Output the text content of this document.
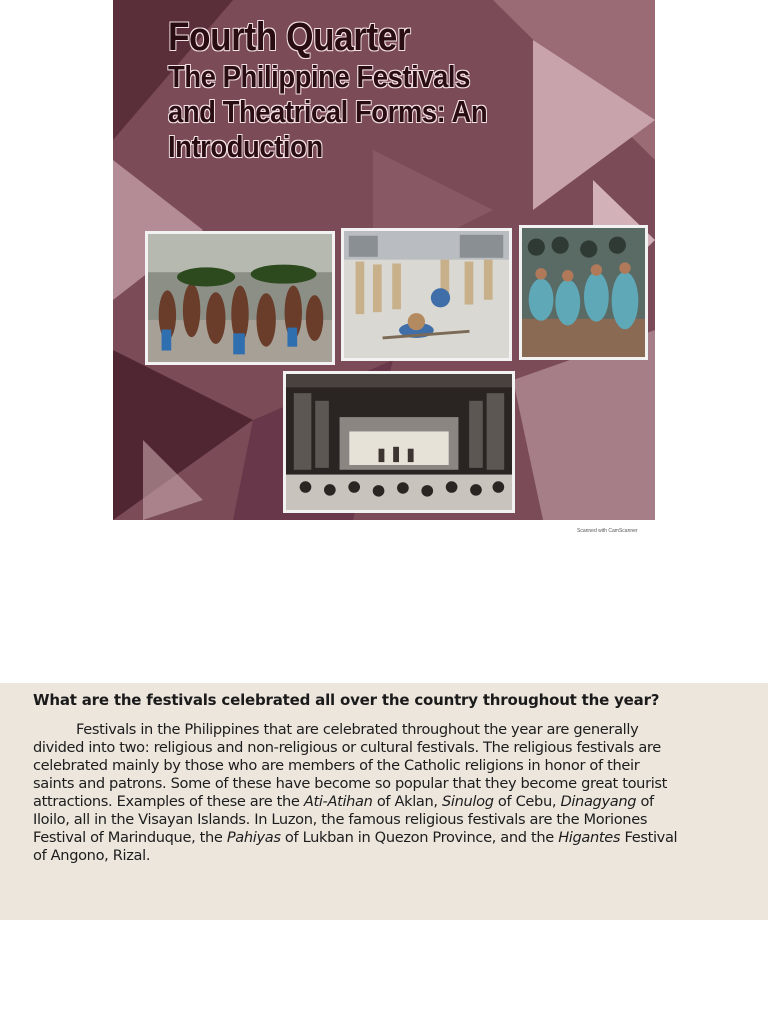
Fourth Quarter
The Philippine Festivals
and Theatrical Forms: An
Introduction
Scanned with CamScanner
What are the festivals celebrated all over the country throughout the year?

Festivals in the Philippines that are celebrated throughout the year are generally

divided into two: religious and non-religious or cultural festivals. The religious festivals are

celebrated mainly by those who are members of the Catholic religions in honor of their

saints and patrons. Some of these have become so popular that they become great tourist

attractions. Examples of these are the Ati-Atihan of Aklan, Sinulog of Cebu, Dinagyang of

Iloilo, all in the Visayan Islands. In Luzon, the famous religious festivals are the Moriones

Festival of Marinduque, the Pahiyas of Lukban in Quezon Province, and the Higantes Festival

of Angono, Rizal.
